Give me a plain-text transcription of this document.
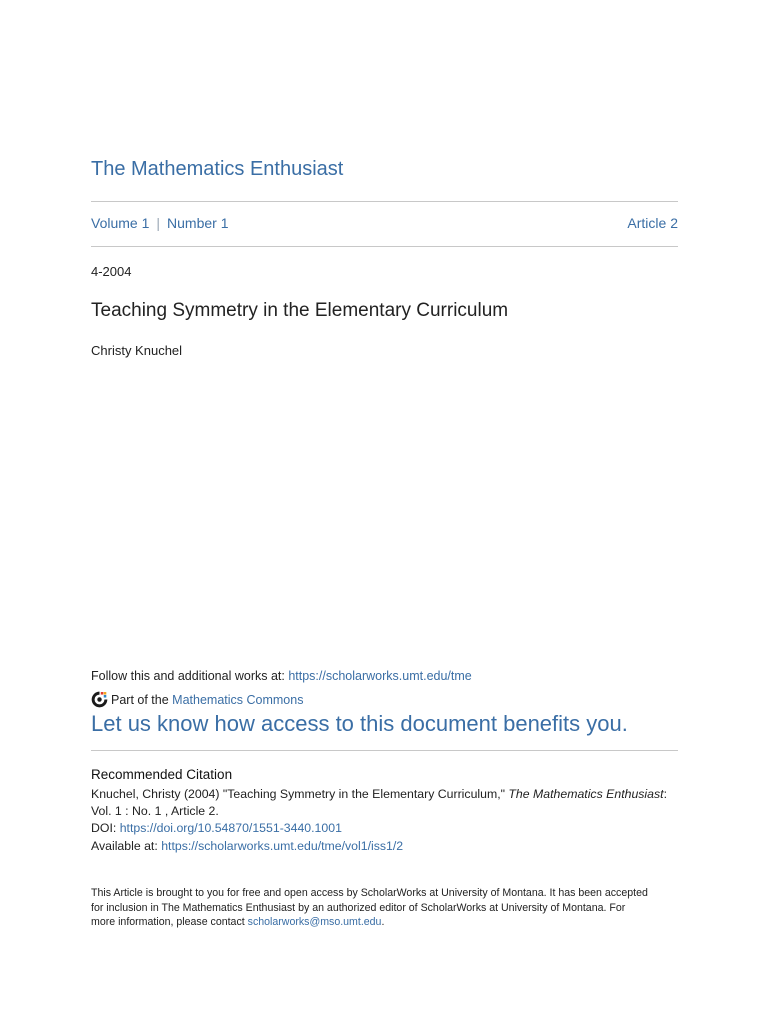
The Mathematics Enthusiast
Volume 1 | Number 1	Article 2
4-2004
Teaching Symmetry in the Elementary Curriculum
Christy Knuchel
Follow this and additional works at: https://scholarworks.umt.edu/tme
Part of the
Mathematics Commons
Let us know how access to this document benefits you.
Recommended Citation
Knuchel, Christy (2004) "Teaching Symmetry in the Elementary Curriculum," The Mathematics Enthusiast:
Vol. 1 : No. 1 , Article 2.
DOI: https://doi.org/10.54870/1551-3440.1001
Available at: https://scholarworks.umt.edu/tme/vol1/iss1/2
This Article is brought to you for free and open access by ScholarWorks at University of Montana. It has been accepted for inclusion in The Mathematics Enthusiast by an authorized editor of ScholarWorks at University of Montana. For more information, please contact scholarworks@mso.umt.edu.
